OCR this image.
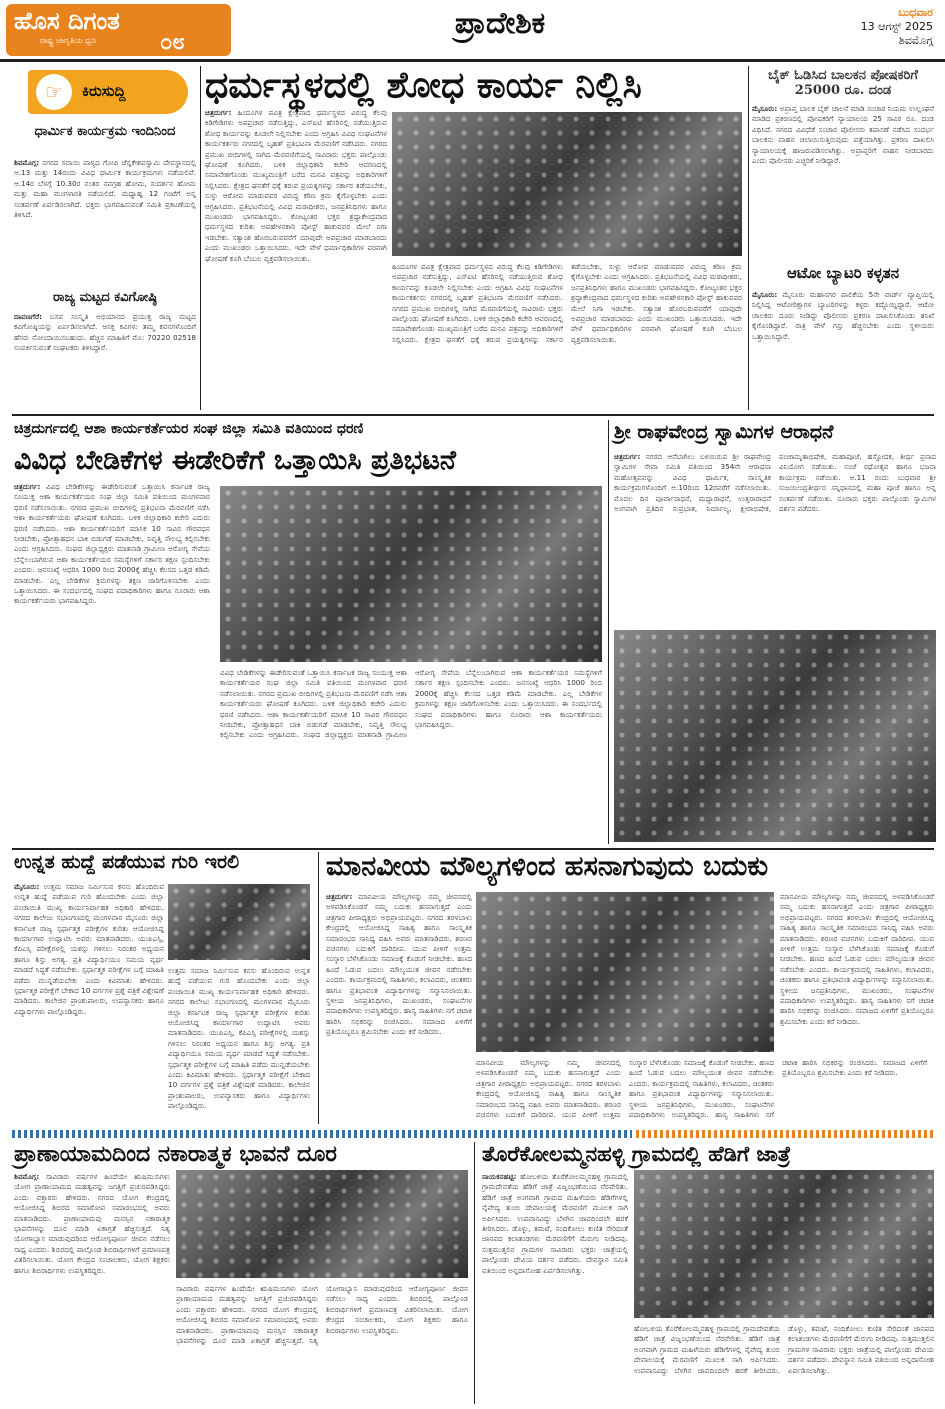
ಹೊಸ ದಿಗಂತ
ರಾಷ್ಟ್ರ ಜಾಗೃತಿಯ ಧ್ವನಿ	೦೮
ಪ್ರಾದೇಶಿಕ	ಬುಧವಾರ
13 ಆಗಸ್ಟ್ 2025
ಶಿವಮೊಗ್ಗ
☞	ಕಿರುಸುದ್ದಿ
ಧಾರ್ಮಿಕ ಕಾರ್ಯಕ್ರಮ ಇಂದಿನಿಂದ
ಶಿವಮೊಗ್ಗ: ನಗರದ ಸವಾಯಿ ಪಾಳ್ಯದ ಗೋಪಿ ಚೆನ್ನಕೇಶವಸ್ವಾಮಿ ದೇವಸ್ಥಾನದಲ್ಲಿ ಆ.13 ಮತ್ತು 14ರಂದು ವಿವಿಧ ಧಾರ್ಮಿಕ ಕಾರ್ಯಕ್ರಮಗಳು ನಡೆಯಲಿವೆ. ಆ.14ರ ಬೆಳಗ್ಗೆ 10.30ರ ನಂತರ ನವಗ್ರಹ ಹೋಮ, ಸುದರ್ಶನ ಹೋಮ ಮತ್ತು ಮಹಾ ಮಂಗಳಾರತಿ ನಡೆಯಲಿದೆ. ಮಧ್ಯಾಹ್ನ 12 ಗಂಟೆಗೆ ಅನ್ನ ಸಂತರ್ಪಣೆ ಏರ್ಪಡಿಸಲಾಗಿದೆ. ಭಕ್ತರು ಭಾಗವಹಿಸುವಂತೆ ಸಮಿತಿ ಪ್ರಕಟಣೆಯಲ್ಲಿ ತಿಳಿಸಿದೆ.
ರಾಜ್ಯ ಮಟ್ಟದ ಕವಿಗೋಷ್ಠಿ
ದಾವಣಗೆರೆ: ಬಸವ ಸಂಸ್ಕೃತಿ ಅಭಿಯಾನದ ಪ್ರಯುಕ್ತ ರಾಜ್ಯ ಮಟ್ಟದ ಕವಿಗೋಷ್ಠಿಯನ್ನು ಏರ್ಪಡಿಸಲಾಗಿದೆ. ಆಸಕ್ತ ಕವಿಗಳು ತಮ್ಮ ಕವನಗಳೊಂದಿಗೆ ಹೆಸರು ನೋಂದಾಯಿಸಬಹುದು. ಹೆಚ್ಚಿನ ಮಾಹಿತಿಗೆ ಮೊ: 70220 02518 ಸಂಪರ್ಕಿಸುವಂತೆ ಸಂಘಟಕರು ತಿಳಿಸಿದ್ದಾರೆ.
ಧರ್ಮಸ್ಥಳದಲ್ಲಿ ಶೋಧ ಕಾರ್ಯ ನಿಲ್ಲಿಸಿ
ಚಿತ್ರದುರ್ಗ: ಹಿಂದೂಗಳ ಪವಿತ್ರ ಕ್ಷೇತ್ರವಾದ ಧರ್ಮಸ್ಥಳದ ವಿರುದ್ಧ ಕೆಲವು ಕಿಡಿಗೇಡಿಗಳು ಅಪಪ್ರಚಾರ ನಡೆಸುತ್ತಿದ್ದು, ಎಸ್ಐಟಿ ಹೆಸರಿನಲ್ಲಿ ನಡೆಯುತ್ತಿರುವ ಶೋಧ ಕಾರ್ಯವನ್ನು ಕೂಡಲೇ ನಿಲ್ಲಿಸಬೇಕು ಎಂದು ಆಗ್ರಹಿಸಿ ವಿವಿಧ ಸಂಘಟನೆಗಳ ಕಾರ್ಯಕರ್ತರು ನಗರದಲ್ಲಿ ಬೃಹತ್ ಪ್ರತಿಭಟನಾ ಮೆರವಣಿಗೆ ನಡೆಸಿದರು. ನಗರದ ಪ್ರಮುಖ ಬೀದಿಗಳಲ್ಲಿ ಸಾಗಿದ ಮೆರವಣಿಗೆಯಲ್ಲಿ ಸಾವಿರಾರು ಭಕ್ತರು ಪಾಲ್ಗೊಂಡು ಘೋಷಣೆ ಕೂಗಿದರು. ಬಳಿಕ ಜಿಲ್ಲಾಧಿಕಾರಿ ಕಚೇರಿ ಆವರಣದಲ್ಲಿ ಸಮಾವೇಶಗೊಂಡು ಮುಖ್ಯಮಂತ್ರಿಗೆ ಬರೆದ ಮನವಿ ಪತ್ರವನ್ನು ಅಧಿಕಾರಿಗಳಿಗೆ ಸಲ್ಲಿಸಿದರು. ಕ್ಷೇತ್ರದ ಘನತೆಗೆ ಧಕ್ಕೆ ತರುವ ಪ್ರಯತ್ನಗಳನ್ನು ಸರ್ಕಾರ ತಡೆಯಬೇಕು, ಸುಳ್ಳು ಆರೋಪ ಮಾಡುವವರ ವಿರುದ್ಧ ಕಠಿಣ ಕ್ರಮ ಕೈಗೊಳ್ಳಬೇಕು ಎಂದು ಆಗ್ರಹಿಸಿದರು. ಪ್ರತಿಭಟನೆಯಲ್ಲಿ ವಿವಿಧ ಮಠಾಧೀಶರು, ಜನಪ್ರತಿನಿಧಿಗಳು ಹಾಗೂ ಮುಖಂಡರು ಭಾಗವಹಿಸಿದ್ದರು. ಕೋಟ್ಯಂತರ ಭಕ್ತರ ಶ್ರದ್ಧಾಕೇಂದ್ರವಾದ ಧರ್ಮಸ್ಥಳದ ಕುರಿತು ಅವಹೇಳನಕಾರಿ ಪೋಸ್ಟ್ ಹಾಕುವವರ ಮೇಲೆ ನಿಗಾ ಇಡಬೇಕು. ಸತ್ಯಾಂಶ ಹೊರಬರುವವರೆಗೆ ಯಾವುದೇ ಅಪಪ್ರಚಾರ ಮಾಡಬಾರದು ಎಂದು ಮುಖಂಡರು ಒತ್ತಾಯಿಸಿದರು. ಇದೇ ವೇಳೆ ಧರ್ಮಾಧಿಕಾರಿಗಳ ಪರವಾಗಿ ಘೋಷಣೆ ಕೂಗಿ ಬೆಂಬಲ ವ್ಯಕ್ತಪಡಿಸಲಾಯಿತು.
ಹಿಂದೂಗಳ ಪವಿತ್ರ ಕ್ಷೇತ್ರವಾದ ಧರ್ಮಸ್ಥಳದ ವಿರುದ್ಧ ಕೆಲವು ಕಿಡಿಗೇಡಿಗಳು ಅಪಪ್ರಚಾರ ನಡೆಸುತ್ತಿದ್ದು, ಎಸ್ಐಟಿ ಹೆಸರಿನಲ್ಲಿ ನಡೆಯುತ್ತಿರುವ ಶೋಧ ಕಾರ್ಯವನ್ನು ಕೂಡಲೇ ನಿಲ್ಲಿಸಬೇಕು ಎಂದು ಆಗ್ರಹಿಸಿ ವಿವಿಧ ಸಂಘಟನೆಗಳ ಕಾರ್ಯಕರ್ತರು ನಗರದಲ್ಲಿ ಬೃಹತ್ ಪ್ರತಿಭಟನಾ ಮೆರವಣಿಗೆ ನಡೆಸಿದರು. ನಗರದ ಪ್ರಮುಖ ಬೀದಿಗಳಲ್ಲಿ ಸಾಗಿದ ಮೆರವಣಿಗೆಯಲ್ಲಿ ಸಾವಿರಾರು ಭಕ್ತರು ಪಾಲ್ಗೊಂಡು ಘೋಷಣೆ ಕೂಗಿದರು. ಬಳಿಕ ಜಿಲ್ಲಾಧಿಕಾರಿ ಕಚೇರಿ ಆವರಣದಲ್ಲಿ ಸಮಾವೇಶಗೊಂಡು ಮುಖ್ಯಮಂತ್ರಿಗೆ ಬರೆದ ಮನವಿ ಪತ್ರವನ್ನು ಅಧಿಕಾರಿಗಳಿಗೆ ಸಲ್ಲಿಸಿದರು. ಕ್ಷೇತ್ರದ ಘನತೆಗೆ ಧಕ್ಕೆ ತರುವ ಪ್ರಯತ್ನಗಳನ್ನು ಸರ್ಕಾರ ತಡೆಯಬೇಕು, ಸುಳ್ಳು ಆರೋಪ ಮಾಡುವವರ ವಿರುದ್ಧ ಕಠಿಣ ಕ್ರಮ ಕೈಗೊಳ್ಳಬೇಕು ಎಂದು ಆಗ್ರಹಿಸಿದರು. ಪ್ರತಿಭಟನೆಯಲ್ಲಿ ವಿವಿಧ ಮಠಾಧೀಶರು, ಜನಪ್ರತಿನಿಧಿಗಳು ಹಾಗೂ ಮುಖಂಡರು ಭಾಗವಹಿಸಿದ್ದರು. ಕೋಟ್ಯಂತರ ಭಕ್ತರ ಶ್ರದ್ಧಾಕೇಂದ್ರವಾದ ಧರ್ಮಸ್ಥಳದ ಕುರಿತು ಅವಹೇಳನಕಾರಿ ಪೋಸ್ಟ್ ಹಾಕುವವರ ಮೇಲೆ ನಿಗಾ ಇಡಬೇಕು. ಸತ್ಯಾಂಶ ಹೊರಬರುವವರೆಗೆ ಯಾವುದೇ ಅಪಪ್ರಚಾರ ಮಾಡಬಾರದು ಎಂದು ಮುಖಂಡರು ಒತ್ತಾಯಿಸಿದರು. ಇದೇ ವೇಳೆ ಧರ್ಮಾಧಿಕಾರಿಗಳ ಪರವಾಗಿ ಘೋಷಣೆ ಕೂಗಿ ಬೆಂಬಲ ವ್ಯಕ್ತಪಡಿಸಲಾಯಿತು.
ಬೈಕ್ ಓಡಿಸಿದ ಬಾಲಕನ ಪೋಷಕರಿಗೆ 25000 ರೂ. ದಂಡ
ಮೈಸೂರು: ಅಪ್ರಾಪ್ತ ಬಾಲಕ ಬೈಕ್ ಚಾಲನೆ ಮಾಡಿ ಸಂಚಾರ ನಿಯಮ ಉಲ್ಲಂಘನೆ ಮಾಡಿದ ಪ್ರಕರಣದಲ್ಲಿ ಪೋಷಕರಿಗೆ ನ್ಯಾಯಾಲಯ 25 ಸಾವಿರ ರೂ. ದಂಡ ವಿಧಿಸಿದೆ. ನಗರದ ವಿವಿಧೆಡೆ ಸಂಚಾರ ಪೊಲೀಸರು ತಪಾಸಣೆ ನಡೆಸಿದ ಸಂದರ್ಭ ಬಾಲಕನು ವಾಹನ ಚಲಾಯಿಸುತ್ತಿರುವುದು ಪತ್ತೆಯಾಗಿತ್ತು. ಪ್ರಕರಣ ದಾಖಲಿಸಿ ನ್ಯಾಯಾಲಯಕ್ಕೆ ಹಾಜರುಪಡಿಸಲಾಗಿತ್ತು. ಅಪ್ರಾಪ್ತರಿಗೆ ವಾಹನ ನೀಡಬಾರದು ಎಂದು ಪೊಲೀಸರು ಎಚ್ಚರಿಕೆ ನೀಡಿದ್ದಾರೆ.
ಆಟೋ ಬ್ಯಾಟರಿ ಕಳ್ಳತನ
ಮೈಸೂರು: ಮೈಸೂರು ಮಹಾನಗರ ಪಾಲಿಕೆಯ 5ನೇ ವಾರ್ಡ್ ವ್ಯಾಪ್ತಿಯಲ್ಲಿ ನಿಲ್ಲಿಸಿದ್ದ ಆಟೋರಿಕ್ಷಾಗಳ ಬ್ಯಾಟರಿಗಳನ್ನು ಕಳ್ಳರು ಕದ್ದೊಯ್ದಿದ್ದಾರೆ. ಆಟೋ ಚಾಲಕರು ದೂರು ನೀಡಿದ್ದು ಪೊಲೀಸರು ಪ್ರಕರಣ ದಾಖಲಿಸಿಕೊಂಡು ತನಿಖೆ ಕೈಗೊಂಡಿದ್ದಾರೆ. ರಾತ್ರಿ ವೇಳೆ ಗಸ್ತು ಹೆಚ್ಚಿಸಬೇಕು ಎಂದು ಸ್ಥಳೀಯರು ಒತ್ತಾಯಿಸಿದ್ದಾರೆ.
ಚಿತ್ರದುರ್ಗದಲ್ಲಿ ಆಶಾ ಕಾರ್ಯಕರ್ತೆಯರ ಸಂಘ ಜಿಲ್ಲಾ ಸಮಿತಿ ವತಿಯಿಂದ ಧರಣಿ
ವಿವಿಧ ಬೇಡಿಕೆಗಳ ಈಡೇರಿಕೆಗೆ ಒತ್ತಾಯಿಸಿ ಪ್ರತಿಭಟನೆ
ಚಿತ್ರದುರ್ಗ: ವಿವಿಧ ಬೇಡಿಕೆಗಳನ್ನು ಈಡೇರಿಸುವಂತೆ ಒತ್ತಾಯಿಸಿ ಕರ್ನಾಟಕ ರಾಜ್ಯ ಸಂಯುಕ್ತ ಆಶಾ ಕಾರ್ಯಕರ್ತೆಯರ ಸಂಘ ಜಿಲ್ಲಾ ಸಮಿತಿ ವತಿಯಿಂದ ಮಂಗಳವಾರ ಧರಣಿ ನಡೆಸಲಾಯಿತು. ನಗರದ ಪ್ರಮುಖ ಬೀದಿಗಳಲ್ಲಿ ಪ್ರತಿಭಟನಾ ಮೆರವಣಿಗೆ ನಡೆಸಿ ಆಶಾ ಕಾರ್ಯಕರ್ತೆಯರು ಘೋಷಣೆ ಕೂಗಿದರು. ಬಳಿಕ ಜಿಲ್ಲಾಧಿಕಾರಿ ಕಚೇರಿ ಎದುರು ಧರಣಿ ನಡೆಸಿದರು. ಆಶಾ ಕಾರ್ಯಕರ್ತೆಯರಿಗೆ ಮಾಸಿಕ 10 ಸಾವಿರ ಗೌರವಧನ ನೀಡಬೇಕು, ಪ್ರೋತ್ಸಾಹಧನ ಬಾಕಿ ಬಿಡುಗಡೆ ಮಾಡಬೇಕು, ನಿವೃತ್ತಿ ಸೌಲಭ್ಯ ಕಲ್ಪಿಸಬೇಕು ಎಂದು ಆಗ್ರಹಿಸಿದರು. ಸಂಘದ ಜಿಲ್ಲಾಧ್ಯಕ್ಷರು ಮಾತನಾಡಿ ಗ್ರಾಮೀಣ ಆರೋಗ್ಯ ಸೇವೆಯ ಬೆನ್ನೆಲುಬಾಗಿರುವ ಆಶಾ ಕಾರ್ಯಕರ್ತೆಯರ ಸಮಸ್ಯೆಗಳಿಗೆ ಸರ್ಕಾರ ತಕ್ಷಣ ಸ್ಪಂದಿಸಬೇಕು ಎಂದರು. ಜನಸಂಖ್ಯೆ ಆಧರಿಸಿ 1000 ರಿಂದ 2000ಕ್ಕೆ ಹೆಚ್ಚಿಸಿ ಕೆಲಸದ ಒತ್ತಡ ಕಡಿಮೆ ಮಾಡಬೇಕು. ಎಲ್ಲ ಬೇಡಿಕೆಗಳ ಕ್ರಮಗಳನ್ನು ತಕ್ಷಣ ಜಾರಿಗೊಳಿಸಬೇಕು ಎಂದು ಒತ್ತಾಯಿಸಿದರು. ಈ ಸಂದರ್ಭದಲ್ಲಿ ಸಂಘದ ಪದಾಧಿಕಾರಿಗಳು ಹಾಗೂ ನೂರಾರು ಆಶಾ ಕಾರ್ಯಕರ್ತೆಯರು ಭಾಗವಹಿಸಿದ್ದರು.
ವಿವಿಧ ಬೇಡಿಕೆಗಳನ್ನು ಈಡೇರಿಸುವಂತೆ ಒತ್ತಾಯಿಸಿ ಕರ್ನಾಟಕ ರಾಜ್ಯ ಸಂಯುಕ್ತ ಆಶಾ ಕಾರ್ಯಕರ್ತೆಯರ ಸಂಘ ಜಿಲ್ಲಾ ಸಮಿತಿ ವತಿಯಿಂದ ಮಂಗಳವಾರ ಧರಣಿ ನಡೆಸಲಾಯಿತು. ನಗರದ ಪ್ರಮುಖ ಬೀದಿಗಳಲ್ಲಿ ಪ್ರತಿಭಟನಾ ಮೆರವಣಿಗೆ ನಡೆಸಿ ಆಶಾ ಕಾರ್ಯಕರ್ತೆಯರು ಘೋಷಣೆ ಕೂಗಿದರು. ಬಳಿಕ ಜಿಲ್ಲಾಧಿಕಾರಿ ಕಚೇರಿ ಎದುರು ಧರಣಿ ನಡೆಸಿದರು. ಆಶಾ ಕಾರ್ಯಕರ್ತೆಯರಿಗೆ ಮಾಸಿಕ 10 ಸಾವಿರ ಗೌರವಧನ ನೀಡಬೇಕು, ಪ್ರೋತ್ಸಾಹಧನ ಬಾಕಿ ಬಿಡುಗಡೆ ಮಾಡಬೇಕು, ನಿವೃತ್ತಿ ಸೌಲಭ್ಯ ಕಲ್ಪಿಸಬೇಕು ಎಂದು ಆಗ್ರಹಿಸಿದರು. ಸಂಘದ ಜಿಲ್ಲಾಧ್ಯಕ್ಷರು ಮಾತನಾಡಿ ಗ್ರಾಮೀಣ ಆರೋಗ್ಯ ಸೇವೆಯ ಬೆನ್ನೆಲುಬಾಗಿರುವ ಆಶಾ ಕಾರ್ಯಕರ್ತೆಯರ ಸಮಸ್ಯೆಗಳಿಗೆ ಸರ್ಕಾರ ತಕ್ಷಣ ಸ್ಪಂದಿಸಬೇಕು ಎಂದರು. ಜನಸಂಖ್ಯೆ ಆಧರಿಸಿ 1000 ರಿಂದ 2000ಕ್ಕೆ ಹೆಚ್ಚಿಸಿ ಕೆಲಸದ ಒತ್ತಡ ಕಡಿಮೆ ಮಾಡಬೇಕು. ಎಲ್ಲ ಬೇಡಿಕೆಗಳ ಕ್ರಮಗಳನ್ನು ತಕ್ಷಣ ಜಾರಿಗೊಳಿಸಬೇಕು ಎಂದು ಒತ್ತಾಯಿಸಿದರು. ಈ ಸಂದರ್ಭದಲ್ಲಿ ಸಂಘದ ಪದಾಧಿಕಾರಿಗಳು ಹಾಗೂ ನೂರಾರು ಆಶಾ ಕಾರ್ಯಕರ್ತೆಯರು ಭಾಗವಹಿಸಿದ್ದರು.
ಶ್ರೀ ರಾಘವೇಂದ್ರ ಸ್ವಾಮಿಗಳ ಆರಾಧನೆ
ಚಿತ್ರದುರ್ಗ: ನಗರದ ಆನೆಬಾಗಿಲು ಬಳಿಯಿರುವ ಶ್ರೀ ರಾಘವೇಂದ್ರ ಸ್ವಾಮಿಗಳ ಸೇವಾ ಸಮಿತಿ ವತಿಯಿಂದ 354ನೇ ಆರಾಧನಾ ಮಹೋತ್ಸವವನ್ನು ವಿವಿಧ ಧಾರ್ಮಿಕ, ಸಾಂಸ್ಕೃತಿಕ ಕಾರ್ಯಕ್ರಮಗಳೊಂದಿಗೆ ಆ.10ರಿಂದ 12ರವರೆಗೆ ನಡೆಸಲಾಯಿತು. ಮೊದಲ ದಿನ ಪೂರ್ವಾರಾಧನೆ, ಮಧ್ಯಾರಾಧನೆ, ಉತ್ತರಾರಾಧನೆ ಅಂಗವಾಗಿ ಪ್ರತಿದಿನ ಸುಪ್ರಭಾತ, ನಿರ್ಮಾಲ್ಯ, ಕ್ಷೀರಾಭಿಷೇಕ, ಪಂಚಾಮೃತಾಭಿಷೇಕ, ಮಹಾಪೂಜೆ, ಹಸ್ತೋದಕ, ತೀರ್ಥ ಪ್ರಸಾದ ವಿನಿಯೋಗ ನಡೆಯಿತು. ಸಂಜೆ ರಥೋತ್ಸವ ಹಾಗೂ ಭಜನಾ ಕಾರ್ಯಕ್ರಮ ನಡೆಯಿತು. ಆ.11 ರಂದು ಬುಧವಾರ ಶ್ರೀ ಸುಜಯೀಂದ್ರತೀರ್ಥರ ಸನ್ನಿಧಾನದಲ್ಲಿ ಮಹಾ ಪೂಜೆ ಹಾಗೂ ಅನ್ನ ಸಂತರ್ಪಣೆ ನಡೆಯಿತು. ನೂರಾರು ಭಕ್ತರು ಪಾಲ್ಗೊಂಡು ಸ್ವಾಮಿಗಳ ದರ್ಶನ ಪಡೆದರು.
ಉನ್ನತ ಹುದ್ದೆ ಪಡೆಯುವ ಗುರಿ ಇರಲಿ
ಮೈಸೂರು: ಉತ್ತಮ ಸಮಾಜ ನಿರ್ಮಿಸುವ ಕನಸು ಹೊಂದಿರುವ ಉನ್ನತ ಹುದ್ದೆ ಪಡೆಯುವ ಗುರಿ ಹೊಂದಬೇಕು ಎಂದು ಜಿಲ್ಲಾ ಪಂಚಾಯಿತಿ ಮುಖ್ಯ ಕಾರ್ಯನಿರ್ವಾಹಕ ಅಧಿಕಾರಿ ಹೇಳಿದರು. ನಗರದ ಕಾಲೇಜು ಸಭಾಂಗಣದಲ್ಲಿ ಮಂಗಳವಾರ ಮೈಸೂರು ಜಿಲ್ಲಾ ಕರ್ನಾಟಕ ರಾಜ್ಯ ಸ್ಪರ್ಧಾತ್ಮಕ ಪರೀಕ್ಷೆಗಳ ಕುರಿತು ಆಯೋಜಿಸಿದ್ದ ಕಾರ್ಯಾಗಾರ ಉದ್ಘಾಟಿಸಿ ಅವರು ಮಾತನಾಡಿದರು. ಯುಪಿಎಸ್ಸಿ, ಕೆಪಿಎಸ್ಸಿ ಪರೀಕ್ಷೆಗಳಲ್ಲಿ ಯಶಸ್ಸು ಗಳಿಸಲು ನಿರಂತರ ಅಧ್ಯಯನ ಹಾಗೂ ಶಿಸ್ತು ಅಗತ್ಯ. ಪ್ರತಿ ವಿದ್ಯಾರ್ಥಿಯೂ ಸಮಯ ವ್ಯರ್ಥ ಮಾಡದೆ ಸಿದ್ಧತೆ ನಡೆಸಬೇಕು. ಸ್ಪರ್ಧಾತ್ಮಕ ಪರೀಕ್ಷೆಗಳ ಬಗ್ಗೆ ಮಾಹಿತಿ ಪಡೆದು ಮುನ್ನಡೆಯಬೇಕು ಎಂದು ಕಿವಿಮಾತು ಹೇಳಿದರು. ಸ್ಪರ್ಧಾತ್ಮಕ ಪರೀಕ್ಷೆಗೆ ಬೇಕಾದ 10 ವರ್ಗಗಳ ಪ್ರಶ್ನೆ ಪತ್ರಿಕೆ ವಿಶ್ಲೇಷಣೆ ಮಾಡಿದರು. ಕಾಲೇಜಿನ ಪ್ರಾಂಶುಪಾಲರು, ಉಪನ್ಯಾಸಕರು ಹಾಗೂ ವಿದ್ಯಾರ್ಥಿಗಳು ಪಾಲ್ಗೊಂಡಿದ್ದರು.
ಉತ್ತಮ ಸಮಾಜ ನಿರ್ಮಿಸುವ ಕನಸು ಹೊಂದಿರುವ ಉನ್ನತ ಹುದ್ದೆ ಪಡೆಯುವ ಗುರಿ ಹೊಂದಬೇಕು ಎಂದು ಜಿಲ್ಲಾ ಪಂಚಾಯಿತಿ ಮುಖ್ಯ ಕಾರ್ಯನಿರ್ವಾಹಕ ಅಧಿಕಾರಿ ಹೇಳಿದರು. ನಗರದ ಕಾಲೇಜು ಸಭಾಂಗಣದಲ್ಲಿ ಮಂಗಳವಾರ ಮೈಸೂರು ಜಿಲ್ಲಾ ಕರ್ನಾಟಕ ರಾಜ್ಯ ಸ್ಪರ್ಧಾತ್ಮಕ ಪರೀಕ್ಷೆಗಳ ಕುರಿತು ಆಯೋಜಿಸಿದ್ದ ಕಾರ್ಯಾಗಾರ ಉದ್ಘಾಟಿಸಿ ಅವರು ಮಾತನಾಡಿದರು. ಯುಪಿಎಸ್ಸಿ, ಕೆಪಿಎಸ್ಸಿ ಪರೀಕ್ಷೆಗಳಲ್ಲಿ ಯಶಸ್ಸು ಗಳಿಸಲು ನಿರಂತರ ಅಧ್ಯಯನ ಹಾಗೂ ಶಿಸ್ತು ಅಗತ್ಯ. ಪ್ರತಿ ವಿದ್ಯಾರ್ಥಿಯೂ ಸಮಯ ವ್ಯರ್ಥ ಮಾಡದೆ ಸಿದ್ಧತೆ ನಡೆಸಬೇಕು. ಸ್ಪರ್ಧಾತ್ಮಕ ಪರೀಕ್ಷೆಗಳ ಬಗ್ಗೆ ಮಾಹಿತಿ ಪಡೆದು ಮುನ್ನಡೆಯಬೇಕು ಎಂದು ಕಿವಿಮಾತು ಹೇಳಿದರು. ಸ್ಪರ್ಧಾತ್ಮಕ ಪರೀಕ್ಷೆಗೆ ಬೇಕಾದ 10 ವರ್ಗಗಳ ಪ್ರಶ್ನೆ ಪತ್ರಿಕೆ ವಿಶ್ಲೇಷಣೆ ಮಾಡಿದರು. ಕಾಲೇಜಿನ ಪ್ರಾಂಶುಪಾಲರು, ಉಪನ್ಯಾಸಕರು ಹಾಗೂ ವಿದ್ಯಾರ್ಥಿಗಳು ಪಾಲ್ಗೊಂಡಿದ್ದರು.
ಮಾನವೀಯ ಮೌಲ್ಯಗಳಿಂದ ಹಸನಾಗುವುದು ಬದುಕು
ಚಿತ್ರದುರ್ಗ: ಮಾನವೀಯ ಮೌಲ್ಯಗಳನ್ನು ನಮ್ಮ ಜೀವನದಲ್ಲಿ ಅಳವಡಿಸಿಕೊಂಡರೆ ನಮ್ಮ ಬದುಕು ಹಸನಾಗುತ್ತದೆ ಎಂದು ಚಿತ್ರಗಾರ ಪೀಠಾಧ್ಯಕ್ಷರು ಅಭಿಪ್ರಾಯಪಟ್ಟರು. ನಗರದ ತರಳಬಾಳು ಕೇಂದ್ರದಲ್ಲಿ ಆಯೋಜಿಸಿದ್ದ ಸಾಹಿತ್ಯ ಹಾಗೂ ಸಾಂಸ್ಕೃತಿಕ ಸಮಾರಂಭದ ಸಾನಿಧ್ಯ ವಹಿಸಿ ಅವರು ಮಾತನಾಡಿದರು. ಶರಣರ ವಚನಗಳು ಬದುಕಿಗೆ ದಾರಿದೀಪ. ಯುವ ಪೀಳಿಗೆ ಉತ್ತಮ ಸಂಸ್ಕಾರ ಬೆಳೆಸಿಕೊಂಡು ಸಮಾಜಕ್ಕೆ ಕೊಡುಗೆ ನೀಡಬೇಕು. ಹಣದ ಹಿಂದೆ ಓಡುವ ಬದಲು ಮೌಲ್ಯಯುತ ಜೀವನ ನಡೆಸಬೇಕು ಎಂದರು. ಕಾರ್ಯಕ್ರಮದಲ್ಲಿ ಸಾಹಿತಿಗಳು, ಕಲಾವಿದರು, ಚಿಂತಕರು ಹಾಗೂ ಪ್ರತಿಭಾವಂತ ವಿದ್ಯಾರ್ಥಿಗಳನ್ನು ಸನ್ಮಾನಿಸಲಾಯಿತು. ಸ್ಥಳೀಯ ಜನಪ್ರತಿನಿಧಿಗಳು, ಮುಖಂಡರು, ಸಂಘಟನೆಗಳ ಪದಾಧಿಕಾರಿಗಳು ಉಪಸ್ಥಿತರಿದ್ದರು. ಹಾಸ್ಯ ಸಾಹಿತಿಗಳು ನಗೆ ಚಟಾಕಿ ಹಾರಿಸಿ ಸಭಿಕರನ್ನು ರಂಜಿಸಿದರು. ಸಮಾಜದ ಏಳಿಗೆಗೆ ಪ್ರತಿಯೊಬ್ಬರೂ ಶ್ರಮಿಸಬೇಕು ಎಂದು ಕರೆ ನೀಡಿದರು.
ಮಾನವೀಯ ಮೌಲ್ಯಗಳನ್ನು ನಮ್ಮ ಜೀವನದಲ್ಲಿ ಅಳವಡಿಸಿಕೊಂಡರೆ ನಮ್ಮ ಬದುಕು ಹಸನಾಗುತ್ತದೆ ಎಂದು ಚಿತ್ರಗಾರ ಪೀಠಾಧ್ಯಕ್ಷರು ಅಭಿಪ್ರಾಯಪಟ್ಟರು. ನಗರದ ತರಳಬಾಳು ಕೇಂದ್ರದಲ್ಲಿ ಆಯೋಜಿಸಿದ್ದ ಸಾಹಿತ್ಯ ಹಾಗೂ ಸಾಂಸ್ಕೃತಿಕ ಸಮಾರಂಭದ ಸಾನಿಧ್ಯ ವಹಿಸಿ ಅವರು ಮಾತನಾಡಿದರು. ಶರಣರ ವಚನಗಳು ಬದುಕಿಗೆ ದಾರಿದೀಪ. ಯುವ ಪೀಳಿಗೆ ಉತ್ತಮ ಸಂಸ್ಕಾರ ಬೆಳೆಸಿಕೊಂಡು ಸಮಾಜಕ್ಕೆ ಕೊಡುಗೆ ನೀಡಬೇಕು. ಹಣದ ಹಿಂದೆ ಓಡುವ ಬದಲು ಮೌಲ್ಯಯುತ ಜೀವನ ನಡೆಸಬೇಕು ಎಂದರು. ಕಾರ್ಯಕ್ರಮದಲ್ಲಿ ಸಾಹಿತಿಗಳು, ಕಲಾವಿದರು, ಚಿಂತಕರು ಹಾಗೂ ಪ್ರತಿಭಾವಂತ ವಿದ್ಯಾರ್ಥಿಗಳನ್ನು ಸನ್ಮಾನಿಸಲಾಯಿತು. ಸ್ಥಳೀಯ ಜನಪ್ರತಿನಿಧಿಗಳು, ಮುಖಂಡರು, ಸಂಘಟನೆಗಳ ಪದಾಧಿಕಾರಿಗಳು ಉಪಸ್ಥಿತರಿದ್ದರು. ಹಾಸ್ಯ ಸಾಹಿತಿಗಳು ನಗೆ ಚಟಾಕಿ ಹಾರಿಸಿ ಸಭಿಕರನ್ನು ರಂಜಿಸಿದರು. ಸಮಾಜದ ಏಳಿಗೆಗೆ ಪ್ರತಿಯೊಬ್ಬರೂ ಶ್ರಮಿಸಬೇಕು ಎಂದು ಕರೆ ನೀಡಿದರು.
ಮಾನವೀಯ ಮೌಲ್ಯಗಳನ್ನು ನಮ್ಮ ಜೀವನದಲ್ಲಿ ಅಳವಡಿಸಿಕೊಂಡರೆ ನಮ್ಮ ಬದುಕು ಹಸನಾಗುತ್ತದೆ ಎಂದು ಚಿತ್ರಗಾರ ಪೀಠಾಧ್ಯಕ್ಷರು ಅಭಿಪ್ರಾಯಪಟ್ಟರು. ನಗರದ ತರಳಬಾಳು ಕೇಂದ್ರದಲ್ಲಿ ಆಯೋಜಿಸಿದ್ದ ಸಾಹಿತ್ಯ ಹಾಗೂ ಸಾಂಸ್ಕೃತಿಕ ಸಮಾರಂಭದ ಸಾನಿಧ್ಯ ವಹಿಸಿ ಅವರು ಮಾತನಾಡಿದರು. ಶರಣರ ವಚನಗಳು ಬದುಕಿಗೆ ದಾರಿದೀಪ. ಯುವ ಪೀಳಿಗೆ ಉತ್ತಮ ಸಂಸ್ಕಾರ ಬೆಳೆಸಿಕೊಂಡು ಸಮಾಜಕ್ಕೆ ಕೊಡುಗೆ ನೀಡಬೇಕು. ಹಣದ ಹಿಂದೆ ಓಡುವ ಬದಲು ಮೌಲ್ಯಯುತ ಜೀವನ ನಡೆಸಬೇಕು ಎಂದರು. ಕಾರ್ಯಕ್ರಮದಲ್ಲಿ ಸಾಹಿತಿಗಳು, ಕಲಾವಿದರು, ಚಿಂತಕರು ಹಾಗೂ ಪ್ರತಿಭಾವಂತ ವಿದ್ಯಾರ್ಥಿಗಳನ್ನು ಸನ್ಮಾನಿಸಲಾಯಿತು. ಸ್ಥಳೀಯ ಜನಪ್ರತಿನಿಧಿಗಳು, ಮುಖಂಡರು, ಸಂಘಟನೆಗಳ ಪದಾಧಿಕಾರಿಗಳು ಉಪಸ್ಥಿತರಿದ್ದರು. ಹಾಸ್ಯ ಸಾಹಿತಿಗಳು ನಗೆ ಚಟಾಕಿ ಹಾರಿಸಿ ಸಭಿಕರನ್ನು ರಂಜಿಸಿದರು. ಸಮಾಜದ ಏಳಿಗೆಗೆ ಪ್ರತಿಯೊಬ್ಬರೂ ಶ್ರಮಿಸಬೇಕು ಎಂದು ಕರೆ ನೀಡಿದರು.
ಪ್ರಾಣಾಯಾಮದಿಂದ ನಕಾರಾತ್ಮಕ ಭಾವನೆ ದೂರ
ಶಿವಮೊಗ್ಗ: ಸಾವಿರಾರು ವರ್ಷಗಳ ಹಿಂದೆಯೇ ಋಷಿಮುನಿಗಳು ಯೋಗ ಪ್ರಾಣಾಯಾಮದ ಮಹತ್ವವನ್ನು ಜಗತ್ತಿಗೆ ಪ್ರಚುರಪಡಿಸಿದ್ದರು ಎಂದು ವಕ್ತಾರರು ಹೇಳಿದರು. ನಗರದ ಯೋಗ ಕೇಂದ್ರದಲ್ಲಿ ಆಯೋಜಿಸಿದ್ದ ಶಿಬಿರದ ಸಮಾರೋಪ ಸಮಾರಂಭದಲ್ಲಿ ಅವರು ಮಾತನಾಡಿದರು. ಪ್ರಾಣಾಯಾಮವು ಮನಸ್ಸಿನ ನಕಾರಾತ್ಮಕ ಭಾವನೆಗಳನ್ನು ದೂರ ಮಾಡಿ ಏಕಾಗ್ರತೆ ಹೆಚ್ಚಿಸುತ್ತದೆ. ನಿತ್ಯ ಯೋಗಾಭ್ಯಾಸ ಮಾಡುವುದರಿಂದ ಆರೋಗ್ಯಪೂರ್ಣ ಜೀವನ ನಡೆಸಲು ಸಾಧ್ಯ ಎಂದರು. ಶಿಬಿರದಲ್ಲಿ ಪಾಲ್ಗೊಂಡ ಶಿಬಿರಾರ್ಥಿಗಳಿಗೆ ಪ್ರಮಾಣಪತ್ರ ವಿತರಿಸಲಾಯಿತು. ಯೋಗ ಕೇಂದ್ರದ ಸಂಚಾಲಕರು, ಯೋಗ ಶಿಕ್ಷಕರು ಹಾಗೂ ಶಿಬಿರಾರ್ಥಿಗಳು ಉಪಸ್ಥಿತರಿದ್ದರು.
ಸಾವಿರಾರು ವರ್ಷಗಳ ಹಿಂದೆಯೇ ಋಷಿಮುನಿಗಳು ಯೋಗ ಪ್ರಾಣಾಯಾಮದ ಮಹತ್ವವನ್ನು ಜಗತ್ತಿಗೆ ಪ್ರಚುರಪಡಿಸಿದ್ದರು ಎಂದು ವಕ್ತಾರರು ಹೇಳಿದರು. ನಗರದ ಯೋಗ ಕೇಂದ್ರದಲ್ಲಿ ಆಯೋಜಿಸಿದ್ದ ಶಿಬಿರದ ಸಮಾರೋಪ ಸಮಾರಂಭದಲ್ಲಿ ಅವರು ಮಾತನಾಡಿದರು. ಪ್ರಾಣಾಯಾಮವು ಮನಸ್ಸಿನ ನಕಾರಾತ್ಮಕ ಭಾವನೆಗಳನ್ನು ದೂರ ಮಾಡಿ ಏಕಾಗ್ರತೆ ಹೆಚ್ಚಿಸುತ್ತದೆ. ನಿತ್ಯ ಯೋಗಾಭ್ಯಾಸ ಮಾಡುವುದರಿಂದ ಆರೋಗ್ಯಪೂರ್ಣ ಜೀವನ ನಡೆಸಲು ಸಾಧ್ಯ ಎಂದರು. ಶಿಬಿರದಲ್ಲಿ ಪಾಲ್ಗೊಂಡ ಶಿಬಿರಾರ್ಥಿಗಳಿಗೆ ಪ್ರಮಾಣಪತ್ರ ವಿತರಿಸಲಾಯಿತು. ಯೋಗ ಕೇಂದ್ರದ ಸಂಚಾಲಕರು, ಯೋಗ ಶಿಕ್ಷಕರು ಹಾಗೂ ಶಿಬಿರಾರ್ಥಿಗಳು ಉಪಸ್ಥಿತರಿದ್ದರು.
ತೊರೆಕೋಲಮ್ಮನಹಳ್ಳಿ ಗ್ರಾಮದಲ್ಲಿ ಹೆಡಿಗೆ ಜಾತ್ರೆ
ನಾಯಕನಹಟ್ಟಿ: ಹೋಬಳಿಯ ತೊರೆಕೋಲಮ್ಮನಹಳ್ಳಿ ಗ್ರಾಮದಲ್ಲಿ ಗ್ರಾಮದೇವತೆಯ ಹೆಡಿಗೆ ಜಾತ್ರೆ ವಿಜೃಂಭಣೆಯಿಂದ ನೆರವೇರಿತು. ಹೆಡಿಗೆ ಜಾತ್ರೆ ಅಂಗವಾಗಿ ಗ್ರಾಮದ ಮಹಿಳೆಯರು ಹೆಡಿಗೆಗಳಲ್ಲಿ ನೈವೇದ್ಯ ತುಂಬಿ ದೇವಾಲಯಕ್ಕೆ ಮೆರವಣಿಗೆ ಮೂಲಕ ಸಾಗಿ ಅರ್ಪಿಸಿದರು. ಉಪವಾಸವಿದ್ದು ಬೆಳಗಿನ ಜಾವದಿಂದಲೇ ಹರಕೆ ತೀರಿಸಿದರು. ಡೊಳ್ಳು, ತಮಟೆ, ನಂದಿಕೋಲು ಕುಣಿತ ಸೇರಿದಂತೆ ಜಾನಪದ ಕಲಾತಂಡಗಳು ಮೆರವಣಿಗೆಗೆ ಮೆರುಗು ನೀಡಿದವು. ಸುತ್ತಮುತ್ತಲಿನ ಗ್ರಾಮಗಳ ಸಾವಿರಾರು ಭಕ್ತರು ಜಾತ್ರೆಯಲ್ಲಿ ಪಾಲ್ಗೊಂಡು ದೇವಿಯ ದರ್ಶನ ಪಡೆದರು. ದೇವಸ್ಥಾನ ಸಮಿತಿ ವತಿಯಿಂದ ಅನ್ನದಾಸೋಹ ಏರ್ಪಡಿಸಲಾಗಿತ್ತು.
ಹೋಬಳಿಯ ತೊರೆಕೋಲಮ್ಮನಹಳ್ಳಿ ಗ್ರಾಮದಲ್ಲಿ ಗ್ರಾಮದೇವತೆಯ ಹೆಡಿಗೆ ಜಾತ್ರೆ ವಿಜೃಂಭಣೆಯಿಂದ ನೆರವೇರಿತು. ಹೆಡಿಗೆ ಜಾತ್ರೆ ಅಂಗವಾಗಿ ಗ್ರಾಮದ ಮಹಿಳೆಯರು ಹೆಡಿಗೆಗಳಲ್ಲಿ ನೈವೇದ್ಯ ತುಂಬಿ ದೇವಾಲಯಕ್ಕೆ ಮೆರವಣಿಗೆ ಮೂಲಕ ಸಾಗಿ ಅರ್ಪಿಸಿದರು. ಉಪವಾಸವಿದ್ದು ಬೆಳಗಿನ ಜಾವದಿಂದಲೇ ಹರಕೆ ತೀರಿಸಿದರು. ಡೊಳ್ಳು, ತಮಟೆ, ನಂದಿಕೋಲು ಕುಣಿತ ಸೇರಿದಂತೆ ಜಾನಪದ ಕಲಾತಂಡಗಳು ಮೆರವಣಿಗೆಗೆ ಮೆರುಗು ನೀಡಿದವು. ಸುತ್ತಮುತ್ತಲಿನ ಗ್ರಾಮಗಳ ಸಾವಿರಾರು ಭಕ್ತರು ಜಾತ್ರೆಯಲ್ಲಿ ಪಾಲ್ಗೊಂಡು ದೇವಿಯ ದರ್ಶನ ಪಡೆದರು. ದೇವಸ್ಥಾನ ಸಮಿತಿ ವತಿಯಿಂದ ಅನ್ನದಾಸೋಹ ಏರ್ಪಡಿಸಲಾಗಿತ್ತು.
